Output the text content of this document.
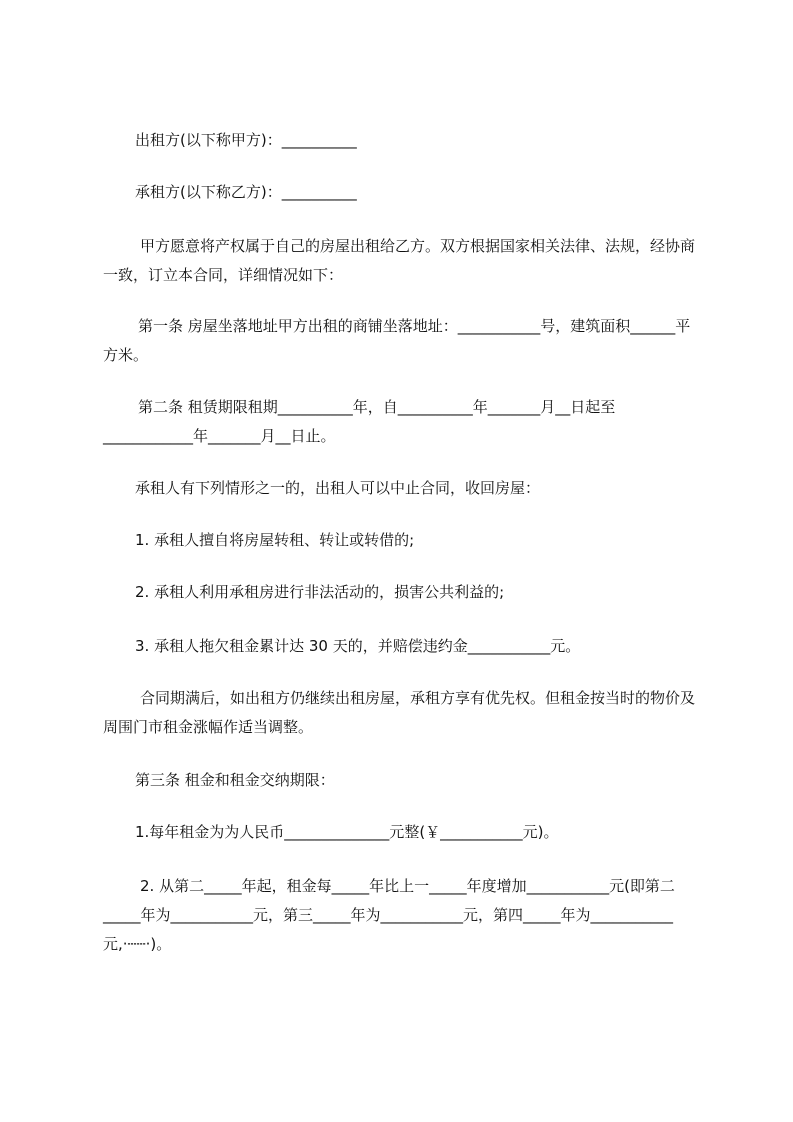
出租方(以下称甲方)：__________

承租方(以下称乙方)：__________

甲方愿意将产权属于自己的房屋出租给乙方。双方根据国家相关法律、法规，经协商一致，订立本合同，详细情况如下：

第一条 房屋坐落地址甲方出租的商铺坐落地址：___________号，建筑面积______平方米。

第二条 租赁期限租期__________年，自__________年_______月__日起至____________年_______月__日止。

承租人有下列情形之一的，出租人可以中止合同，收回房屋：

1. 承租人擅自将房屋转租、转让或转借的;

2. 承租人利用承租房进行非法活动的，损害公共利益的;

3. 承租人拖欠租金累计达 30 天的，并赔偿违约金___________元。

合同期满后，如出租方仍继续出租房屋，承租方享有优先权。但租金按当时的物价及周围门市租金涨幅作适当调整。

第三条 租金和租金交纳期限：

1.每年租金为为人民币______________元整(￥___________元)。

2. 从第二_____年起，租金每_____年比上一_____年度增加___________元(即第二_____年为___________元，第三_____年为___________元，第四_____年为___________元,·┄┄·)。
